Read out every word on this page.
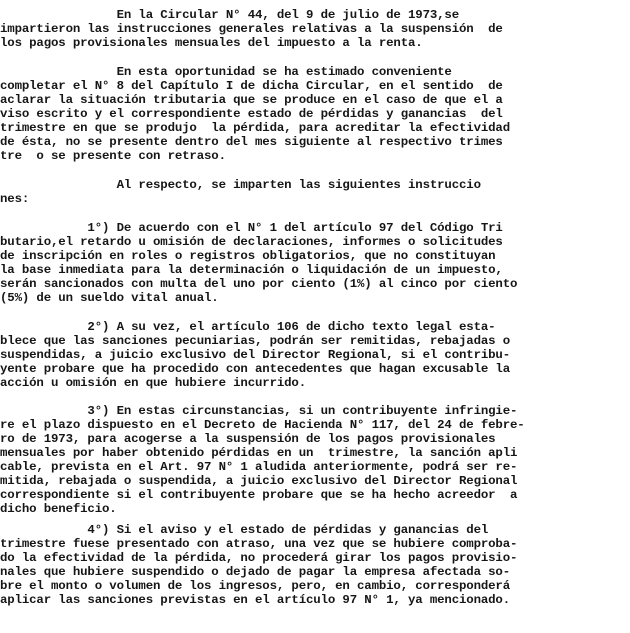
En la Circular N° 44, del 9 de julio de 1973,se

impartieron las instrucciones generales relativas a la suspensión  de

los pagos provisionales mensuales del impuesto a la renta.

En esta oportunidad se ha estimado conveniente

completar el N° 8 del Capítulo I de dicha Circular, en el sentido  de

aclarar la situación tributaria que se produce en el caso de que el a

viso escrito y el correspondiente estado de pérdidas y ganancias  del

trimestre en que se produjo  la pérdida, para acreditar la efectividad

de ésta, no se presente dentro del mes siguiente al respectivo trimes

tre  o se presente con retraso.

Al respecto, se imparten las siguientes instruccio

nes:

1°) De acuerdo con el N° 1 del artículo 97 del Código Tri

butario,el retardo u omisión de declaraciones, informes o solicitudes

de inscripción en roles o registros obligatorios, que no constituyan

la base inmediata para la determinación o liquidación de un impuesto,

serán sancionados con multa del uno por ciento (1%) al cinco por ciento

(5%) de un sueldo vital anual.

2°) A su vez, el artículo 106 de dicho texto legal esta-

blece que las sanciones pecuniarias, podrán ser remitidas, rebajadas o

suspendidas, a juicio exclusivo del Director Regional, si el contribu-

yente probare que ha procedido con antecedentes que hagan excusable la

acción u omisión en que hubiere incurrido.

3°) En estas circunstancias, si un contribuyente infringie-

re el plazo dispuesto en el Decreto de Hacienda N° 117, del 24 de febre-

ro de 1973, para acogerse a la suspensión de los pagos provisionales

mensuales por haber obtenido pérdidas en un  trimestre, la sanción apli

cable, prevista en el Art. 97 N° 1 aludida anteriormente, podrá ser re-

mitida, rebajada o suspendida, a juicio exclusivo del Director Regional

correspondiente si el contribuyente probare que se ha hecho acreedor  a

dicho beneficio.

4°) Si el aviso y el estado de pérdidas y ganancias del

trimestre fuese presentado con atraso, una vez que se hubiere comproba-

do la efectividad de la pérdida, no procederá girar los pagos provisio-

nales que hubiere suspendido o dejado de pagar la empresa afectada so-

bre el monto o volumen de los ingresos, pero, en cambio, corresponderá

aplicar las sanciones previstas en el artículo 97 N° 1, ya mencionado.
